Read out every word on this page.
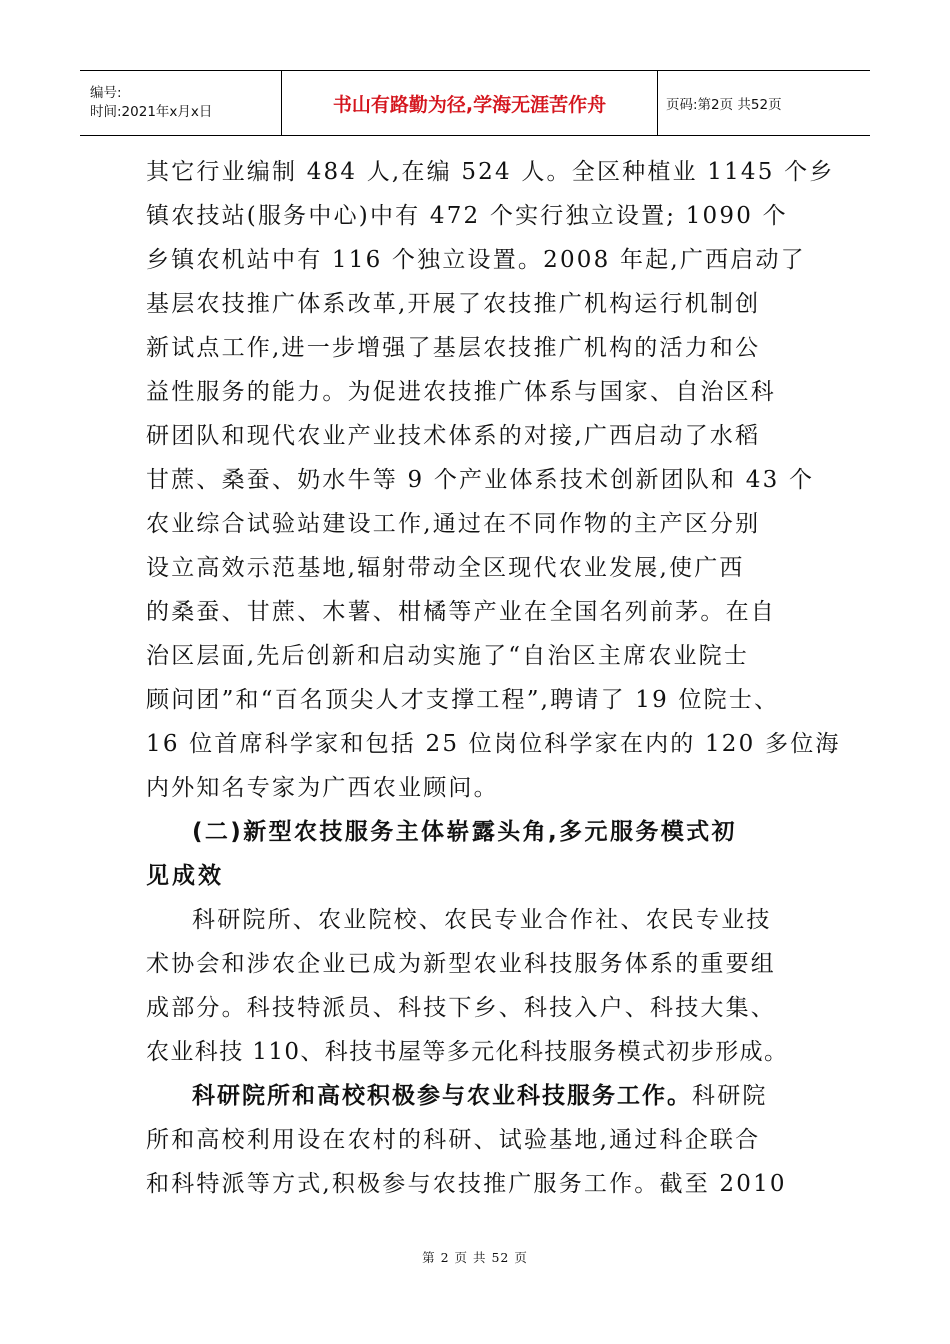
编号:
时间:2021年x月x日	书山有路勤为径,学海无涯苦作舟	页码:第2页 共52页
其它行业编制 484 人,在编 524 人。全区种植业 1145 个乡
镇农技站(服务中心)中有 472 个实行独立设置; 1090 个
乡镇农机站中有 116 个独立设置。2008 年起,广西启动了
基层农技推广体系改革,开展了农技推广机构运行机制创
新试点工作,进一步增强了基层农技推广机构的活力和公
益性服务的能力。为促进农技推广体系与国家、自治区科
研团队和现代农业产业技术体系的对接,广西启动了水稻
甘蔗、桑蚕、奶水牛等 9 个产业体系技术创新团队和 43 个
农业综合试验站建设工作,通过在不同作物的主产区分别
设立高效示范基地,辐射带动全区现代农业发展,使广西
的桑蚕、甘蔗、木薯、柑橘等产业在全国名列前茅。在自
治区层面,先后创新和启动实施了“自治区主席农业院士
顾问团”和“百名顶尖人才支撑工程”,聘请了 19 位院士、
16 位首席科学家和包括 25 位岗位科学家在内的 120 多位海
内外知名专家为广西农业顾问。
(二)新型农技服务主体崭露头角,多元服务模式初
见成效
科研院所、农业院校、农民专业合作社、农民专业技
术协会和涉农企业已成为新型农业科技服务体系的重要组
成部分。科技特派员、科技下乡、科技入户、科技大集、
农业科技 110、科技书屋等多元化科技服务模式初步形成。
科研院所和高校积极参与农业科技服务工作。科研院
所和高校利用设在农村的科研、试验基地,通过科企联合
和科特派等方式,积极参与农技推广服务工作。截至 2010
第 2 页 共 52 页
